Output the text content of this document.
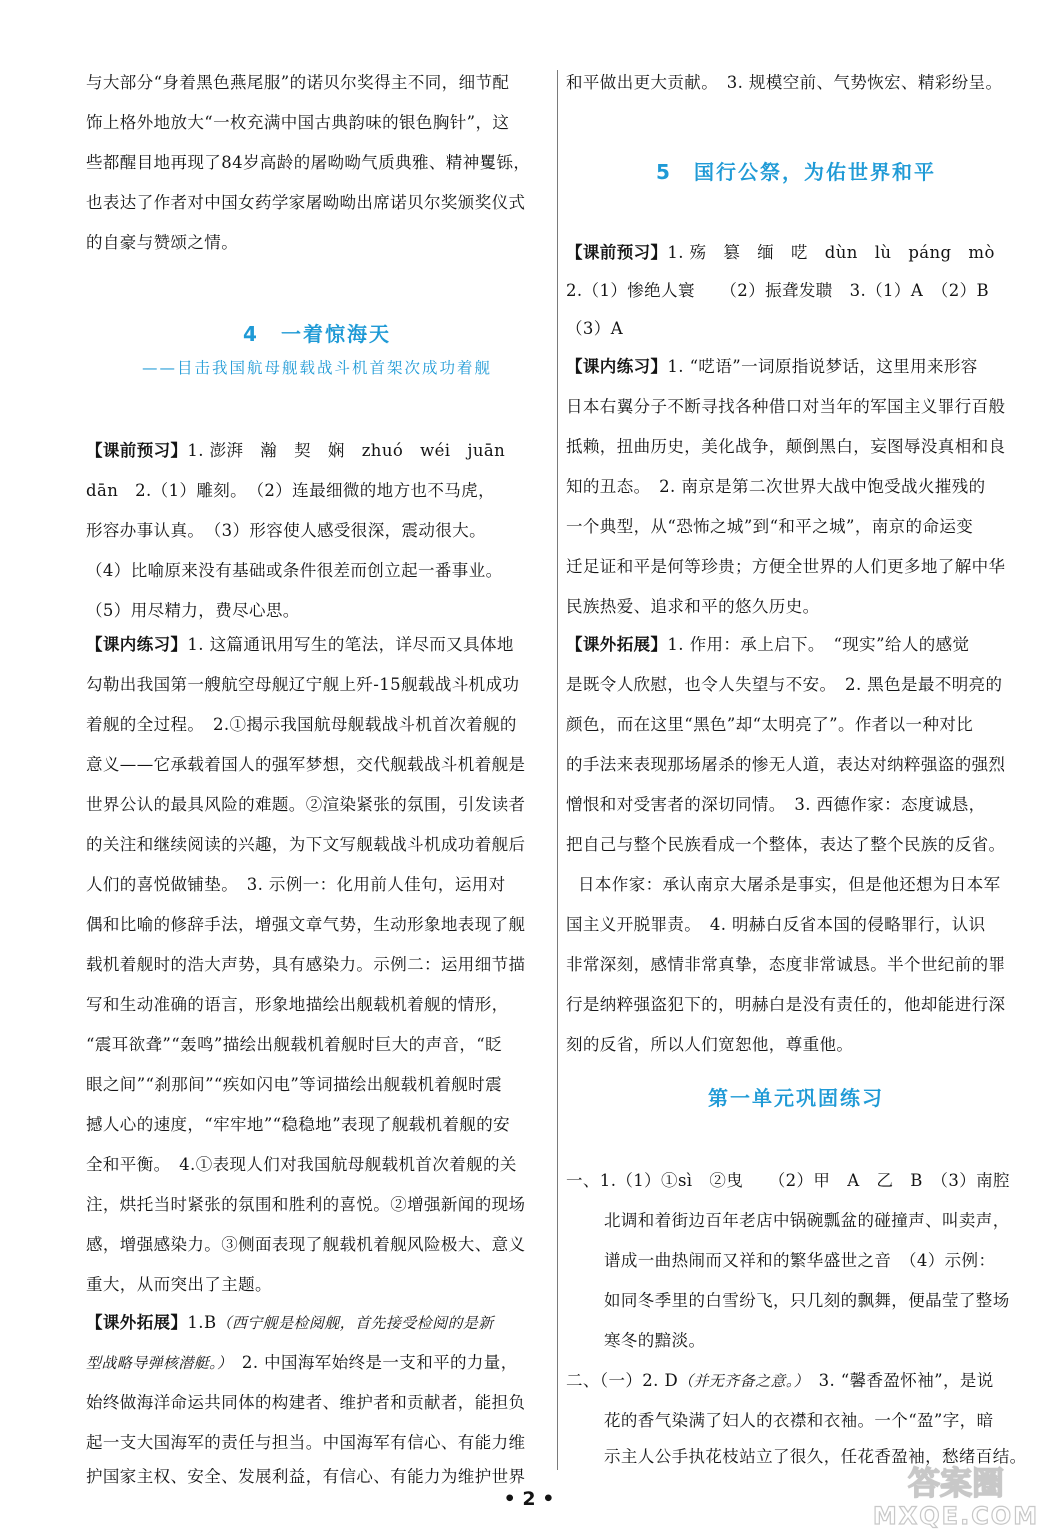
与大部分“身着黑色燕尾服”的诺贝尔奖得主不同，细节配
饰上格外地放大“一枚充满中国古典韵味的银色胸针”，这
些都醒目地再现了84岁高龄的屠呦呦气质典雅、精神矍铄，
也表达了作者对中国女药学家屠呦呦出席诺贝尔奖颁奖仪式
的自豪与赞颂之情。
4　一着惊海天
——目击我国航母舰载战斗机首架次成功着舰
【课前预习】1. 澎湃　瀚　契　娴　zhuó　wéi　juān
dān　2.（1）雕刻。　（2）连最细微的地方也不马虎，
形容办事认真。　（3）形容使人感受很深，震动很大。
（4）比喻原来没有基础或条件很差而创立起一番事业。
（5）用尽精力，费尽心思。
【课内练习】1. 这篇通讯用写生的笔法，详尽而又具体地
勾勒出我国第一艘航空母舰辽宁舰上歼-15舰载战斗机成功
着舰的全过程。　2.①揭示我国航母舰载战斗机首次着舰的
意义——它承载着国人的强军梦想，交代舰载战斗机着舰是
世界公认的最具风险的难题。②渲染紧张的氛围，引发读者
的关注和继续阅读的兴趣，为下文写舰载战斗机成功着舰后
人们的喜悦做铺垫。　3. 示例一：化用前人佳句，运用对
偶和比喻的修辞手法，增强文章气势，生动形象地表现了舰
载机着舰时的浩大声势，具有感染力。示例二：运用细节描
写和生动准确的语言，形象地描绘出舰载机着舰的情形，
“震耳欲聋”“轰鸣”描绘出舰载机着舰时巨大的声音，“眨
眼之间”“刹那间”“疾如闪电”等词描绘出舰载机着舰时震
撼人心的速度，“牢牢地”“稳稳地”表现了舰载机着舰的安
全和平衡。　4.①表现人们对我国航母舰载机首次着舰的关
注，烘托当时紧张的氛围和胜利的喜悦。②增强新闻的现场
感，增强感染力。③侧面表现了舰载机着舰风险极大、意义
重大，从而突出了主题。
【课外拓展】1.B（西宁舰是检阅舰，首先接受检阅的是新
型战略导弹核潜艇。）　2. 中国海军始终是一支和平的力量，
始终做海洋命运共同体的构建者、维护者和贡献者，能担负
起一支大国海军的责任与担当。中国海军有信心、有能力维
护国家主权、安全、发展利益，有信心、有能力为维护世界
和平做出更大贡献。　3. 规模空前、气势恢宏、精彩纷呈。
5　国行公祭，为佑世界和平
【课前预习】1. 殇　篡　缅　呓　dùn　lù　páng　mò
2.（1）惨绝人寰　　（2）振聋发聩　3.（1）A　（2）B
（3）A
【课内练习】1. “呓语”一词原指说梦话，这里用来形容
日本右翼分子不断寻找各种借口对当年的军国主义罪行百般
抵赖，扭曲历史，美化战争，颠倒黑白，妄图辱没真相和良
知的丑态。　2. 南京是第二次世界大战中饱受战火摧残的
一个典型，从“恐怖之城”到“和平之城”，南京的命运变
迁足证和平是何等珍贵；方便全世界的人们更多地了解中华
民族热爱、追求和平的悠久历史。
【课外拓展】1. 作用：承上启下。　“现实”给人的感觉
是既令人欣慰，也令人失望与不安。　2. 黑色是最不明亮的
颜色，而在这里“黑色”却“太明亮了”。作者以一种对比
的手法来表现那场屠杀的惨无人道，表达对纳粹强盗的强烈
憎恨和对受害者的深切同情。　3. 西德作家：态度诚恳，
把自己与整个民族看成一个整体，表达了整个民族的反省。
日本作家：承认南京大屠杀是事实，但是他还想为日本军
国主义开脱罪责。　4. 明赫白反省本国的侵略罪行，认识
非常深刻，感情非常真挚，态度非常诚恳。半个世纪前的罪
行是纳粹强盗犯下的，明赫白是没有责任的，他却能进行深
刻的反省，所以人们宽恕他，尊重他。
第一单元巩固练习
一、1.（1）①sì　②曳　　（2）甲　A　乙　B　（3）南腔
北调和着街边百年老店中锅碗瓢盆的碰撞声、叫卖声，
谱成一曲热闹而又祥和的繁华盛世之音　（4）示例：
如同冬季里的白雪纷飞，只几刻的飘舞，便晶莹了整场
寒冬的黯淡。
二、（一）2. D（并无齐备之意。）　3. “馨香盈怀袖”，是说
花的香气染满了妇人的衣襟和衣袖。一个“盈”字，暗
示主人公手执花枝站立了很久，任花香盈袖，愁绪百结。
• 2 •	答案圈
MXQE.COM
